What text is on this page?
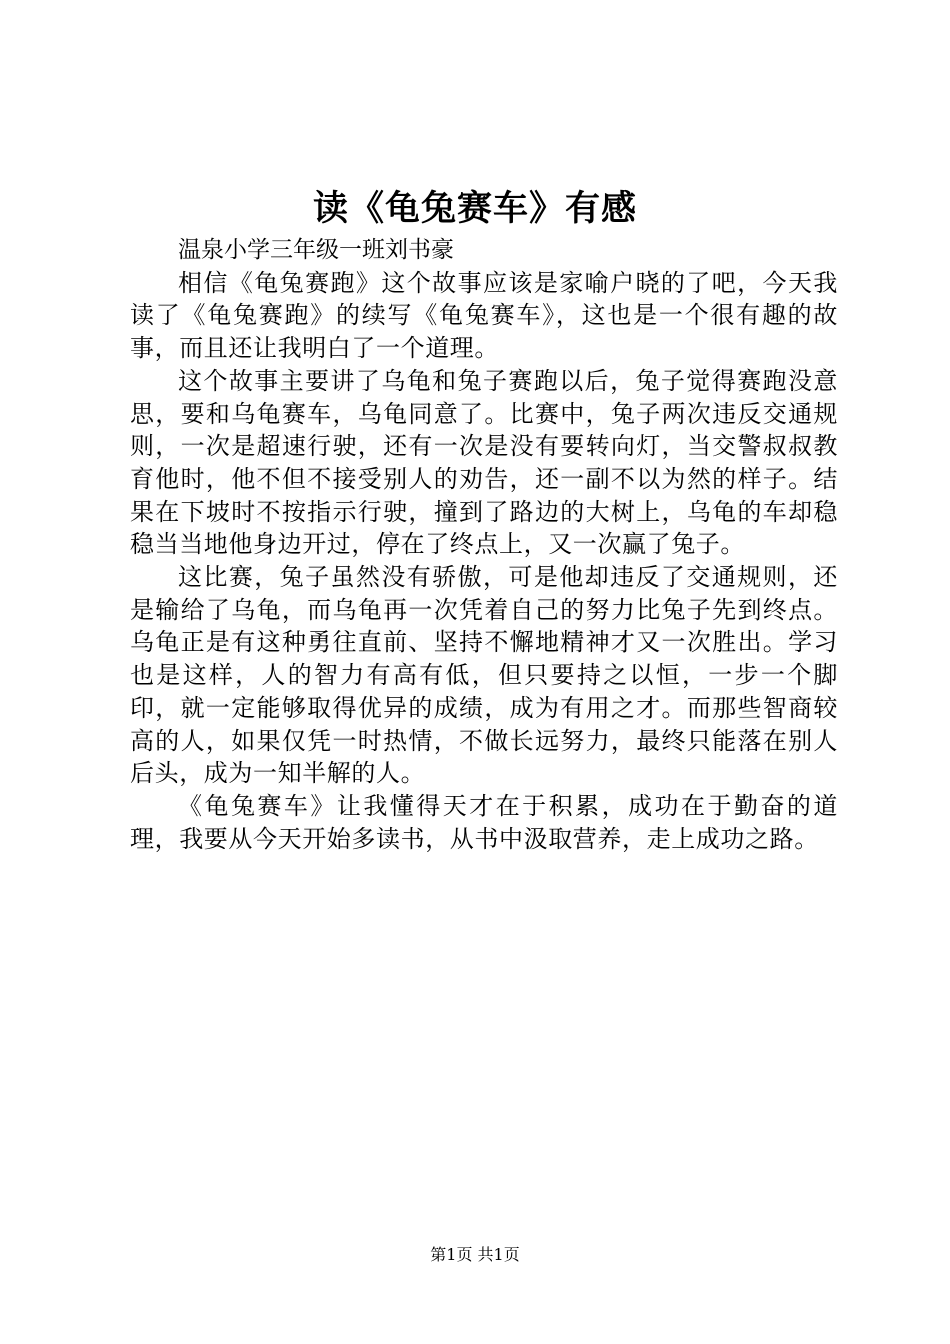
读《龟兔赛车》有感

温泉小学三年级一班刘书豪

相信《龟兔赛跑》这个故事应该是家喻户晓的了吧，今天我读了《龟兔赛跑》的续写《龟兔赛车》，这也是一个很有趣的故事，而且还让我明白了一个道理。

这个故事主要讲了乌龟和兔子赛跑以后，兔子觉得赛跑没意思，要和乌龟赛车，乌龟同意了。比赛中，兔子两次违反交通规则，一次是超速行驶，还有一次是没有要转向灯，当交警叔叔教育他时，他不但不接受别人的劝告，还一副不以为然的样子。结果在下坡时不按指示行驶，撞到了路边的大树上，乌龟的车却稳稳当当地他身边开过，停在了终点上，又一次赢了兔子。

这比赛，兔子虽然没有骄傲，可是他却违反了交通规则，还是输给了乌龟，而乌龟再一次凭着自己的努力比兔子先到终点。乌龟正是有这种勇往直前、坚持不懈地精神才又一次胜出。学习也是这样，人的智力有高有低，但只要持之以恒，一步一个脚印，就一定能够取得优异的成绩，成为有用之才。而那些智商较高的人，如果仅凭一时热情，不做长远努力，最终只能落在别人后头，成为一知半解的人。

《龟兔赛车》让我懂得天才在于积累，成功在于勤奋的道理，我要从今天开始多读书，从书中汲取营养，走上成功之路。

第1页 共1页
